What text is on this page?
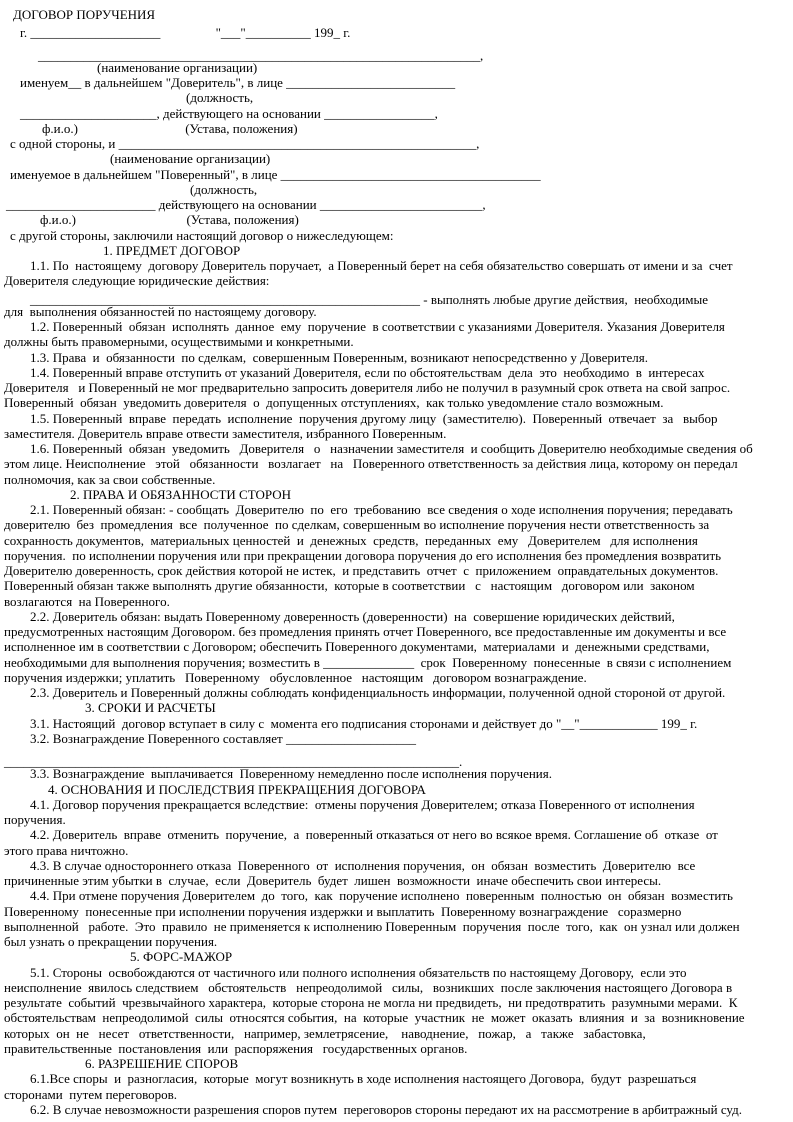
ДОГОВОР ПОРУЧЕНИЯ
г. ____________________                 "___"__________ 199_ г.
____________________________________________________________________,
(наименование организации)
именуем__ в дальнейшем "Доверитель", в лице __________________________
(должность,
_____________________, действующего на основании _________________,
ф.и.о.)                                 (Устава, положения)
с одной стороны, и _______________________________________________________,
(наименование организации)
именуемое в дальнейшем "Поверенный", в лице ________________________________________
(должность,
_______________________ действующего на основании _________________________,
ф.и.о.)                                  (Устава, положения)
с другой стороны, заключили настоящий договор о нижеследующем:
1. ПРЕДМЕТ ДОГОВОР
1.1. По  настоящему  договору Доверитель поручает,  а Поверенный берет на себя обязательство совершать от имени и за  счет
Доверителя следующие юридические действия:
____________________________________________________________ - выполнять любые другие действия,  необходимые
для  выполнения обязанностей по настоящему договору.
1.2. Поверенный  обязан  исполнять  данное  ему  поручение  в соответствии с указаниями Доверителя. Указания Доверителя
должны быть правомерными, осуществимыми и конкретными.
1.3. Права  и  обязанности  по сделкам,  совершенным Поверенным, возникают непосредственно у Доверителя.
1.4. Поверенный вправе отступить от указаний Доверителя, если по обстоятельствам  дела  это  необходимо  в  интересах
Доверителя   и Поверенный не мог предварительно запросить доверителя либо не получил в разумный срок ответа на свой запрос.
Поверенный  обязан  уведомить доверителя  о  допущенных отступлениях,  как только уведомление стало возможным.
1.5. Поверенный  вправе  передать  исполнение  поручения другому лицу  (заместителю).  Поверенный  отвечает  за   выбор
заместителя. Доверитель вправе отвести заместителя, избранного Поверенным.
1.6. Поверенный  обязан  уведомить   Доверителя   о   назначении заместителя  и сообщить Доверителю необходимые сведения об
этом лице. Неисполнение   этой   обязанности   возлагает   на   Поверенного ответственность за действия лица, которому он передал
полномочия, как за свои собственные.
2. ПРАВА И ОБЯЗАННОСТИ СТОРОН
2.1. Поверенный обязан: - сообщать  Доверителю  по  его  требованию  все сведения о ходе исполнения поручения; передавать
доверителю  без  промедления  все  полученное  по сделкам, совершенным во исполнение поручения нести ответственность за
сохранность документов,  материальных ценностей  и  денежных  средств,  переданных  ему   Доверителем   для исполнения
поручения.  по исполнении поручения или при прекращении договора поручения до его исполнения без промедления возвратить
Доверителю доверенность, срок действия которой не истек,  и представить  отчет  с  приложением  оправдательных документов.
Поверенный обязан также выполнять другие обязанности,  которые в соответствии   с   настоящим   договором или  законом
возлагаются  на Поверенного.
2.2. Доверитель обязан: выдать Поверенному доверенность (доверенности)  на  совершение юридических действий,
предусмотренных настоящим Договором. без промедления принять отчет Поверенного, все предоставленные им документы и все
исполненное им в соответствии с Договором; обеспечить Поверенного документами,  материалами  и  денежными средствами,
необходимыми для выполнения поручения; возместить в ______________  срок  Поверенному  понесенные  в связи с исполнением
поручения издержки; уплатить   Поверенному   обусловленное   настоящим   договором вознаграждение.
2.3. Доверитель и Поверенный должны соблюдать конфиденциальность информации, полученной одной стороной от другой.
3. СРОКИ И РАСЧЕТЫ
3.1. Настоящий  договор вступает в силу с  момента его подписания сторонами и действует до "__"____________ 199_ г.
3.2. Вознаграждение Поверенного составляет ____________________
______________________________________________________________________.
3.3. Вознаграждение  выплачивается  Поверенному немедленно после исполнения поручения.
4. ОСНОВАНИЯ И ПОСЛЕДСТВИЯ ПРЕКРАЩЕНИЯ ДОГОВОРА
4.1. Договор поручения прекращается вследствие:  отмены поручения Доверителем; отказа Поверенного от исполнения
поручения.
4.2. Доверитель  вправе  отменить  поручение,  а  поверенный отказаться от него во всякое время. Соглашение об  отказе  от
этого права ничтожно.
4.3. В случае одностороннего отказа  Поверенного  от  исполнения поручения,  он  обязан  возместить  Доверителю  все
причиненные этим убытки в  случае,  если  Доверитель  будет  лишен  возможности  иначе обеспечить свои интересы.
4.4. При отмене поручения Доверителем  до  того,  как  поручение исполнено  поверенным  полностью  он  обязан  возместить
Поверенному  понесенные при исполнении поручения издержки и выплатить  Поверенному вознаграждение   соразмерно
выполненной   работе.  Это  правило  не применяется к исполнению Поверенным  поручения  после  того,  как  он узнал или должен
был узнать о прекращении поручения.
5. ФОРС-МАЖОР
5.1. Стороны  освобождаются от частичного или полного исполнения обязательств по настоящему Договору,  если это
неисполнение  явилось следствием   обстоятельств   непреодолимой   силы,   возникших  после заключения настоящего Договора в
результате  событий  чрезвычайного характера,  которые сторона не могла ни предвидеть,  ни предотвратить  разумными мерами.  К
обстоятельствам  непреодолимой  силы  относятся события,  на  которые  участник  не  может  оказать  влияния  и  за  возникновение
которых  он  не   несет   ответственности,   например, землетрясение,    наводнение,   пожар,   а   также   забастовка,
правительственные  постановления  или  распоряжения   государственных органов.
6. РАЗРЕШЕНИЕ СПОРОВ
6.1.Все споры  и  разногласия,  которые  могут возникнуть в ходе исполнения настоящего Договора,  будут  разрешаться
сторонами  путем переговоров.
6.2. В случае невозможности разрешения споров путем  переговоров стороны передают их на рассмотрение в арбитражный суд.
